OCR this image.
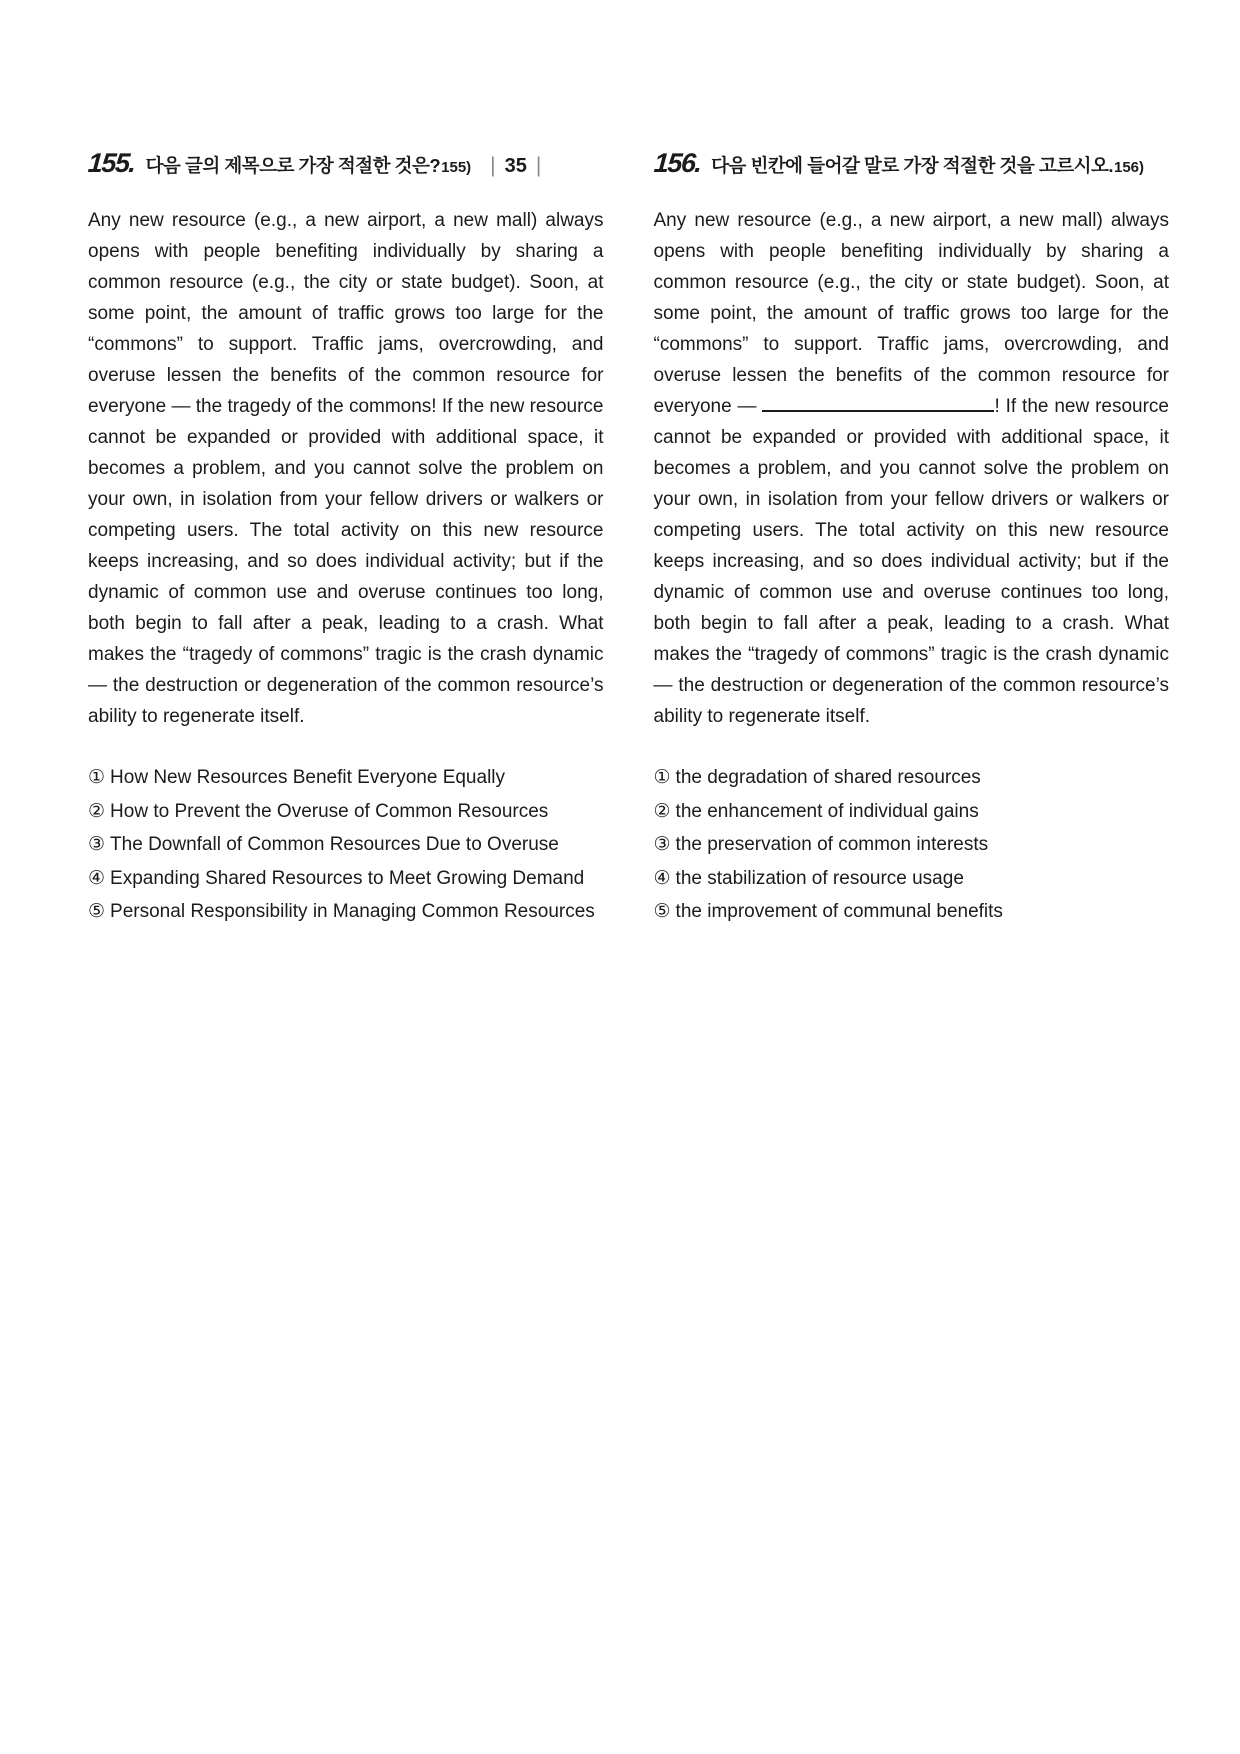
155. 다음 글의 제목으로 가장 적절한 것은? 155) | 35 |

Any new resource (e.g., a new airport, a new mall) always opens with people benefiting individually by sharing a common resource (e.g., the city or state budget). Soon, at some point, the amount of traffic grows too large for the “commons” to support. Traffic jams, overcrowding, and overuse lessen the benefits of the common resource for everyone — the tragedy of the commons! If the new resource cannot be expanded or provided with additional space, it becomes a problem, and you cannot solve the problem on your own, in isolation from your fellow drivers or walkers or competing users. The total activity on this new resource keeps increasing, and so does individual activity; but if the dynamic of common use and overuse continues too long, both begin to fall after a peak, leading to a crash. What makes the “tragedy of commons” tragic is the crash dynamic — the destruction or degeneration of the common resource’s ability to regenerate itself.

① How New Resources Benefit Everyone Equally
② How to Prevent the Overuse of Common Resources
③ The Downfall of Common Resources Due to Overuse
④ Expanding Shared Resources to Meet Growing Demand
⑤ Personal Responsibility in Managing Common Resources
156. 다음 빈칸에 들어갈 말로 가장 적절한 것을 고르시오. 156)

Any new resource (e.g., a new airport, a new mall) always opens with people benefiting individually by sharing a common resource (e.g., the city or state budget). Soon, at some point, the amount of traffic grows too large for the “commons” to support. Traffic jams, overcrowding, and overuse lessen the benefits of the common resource for everyone —	! If the new resource cannot be expanded or provided with additional space, it becomes a problem, and you cannot solve the problem on your own, in isolation from your fellow drivers or walkers or competing users. The total activity on this new resource keeps increasing, and so does individual activity; but if the dynamic of common use and overuse continues too long, both begin to fall after a peak, leading to a crash. What makes the “tragedy of commons” tragic is the crash dynamic — the destruction or degeneration of the common resource’s ability to regenerate itself.

① the degradation of shared resources
② the enhancement of individual gains
③ the preservation of common interests
④ the stabilization of resource usage
⑤ the improvement of communal benefits
